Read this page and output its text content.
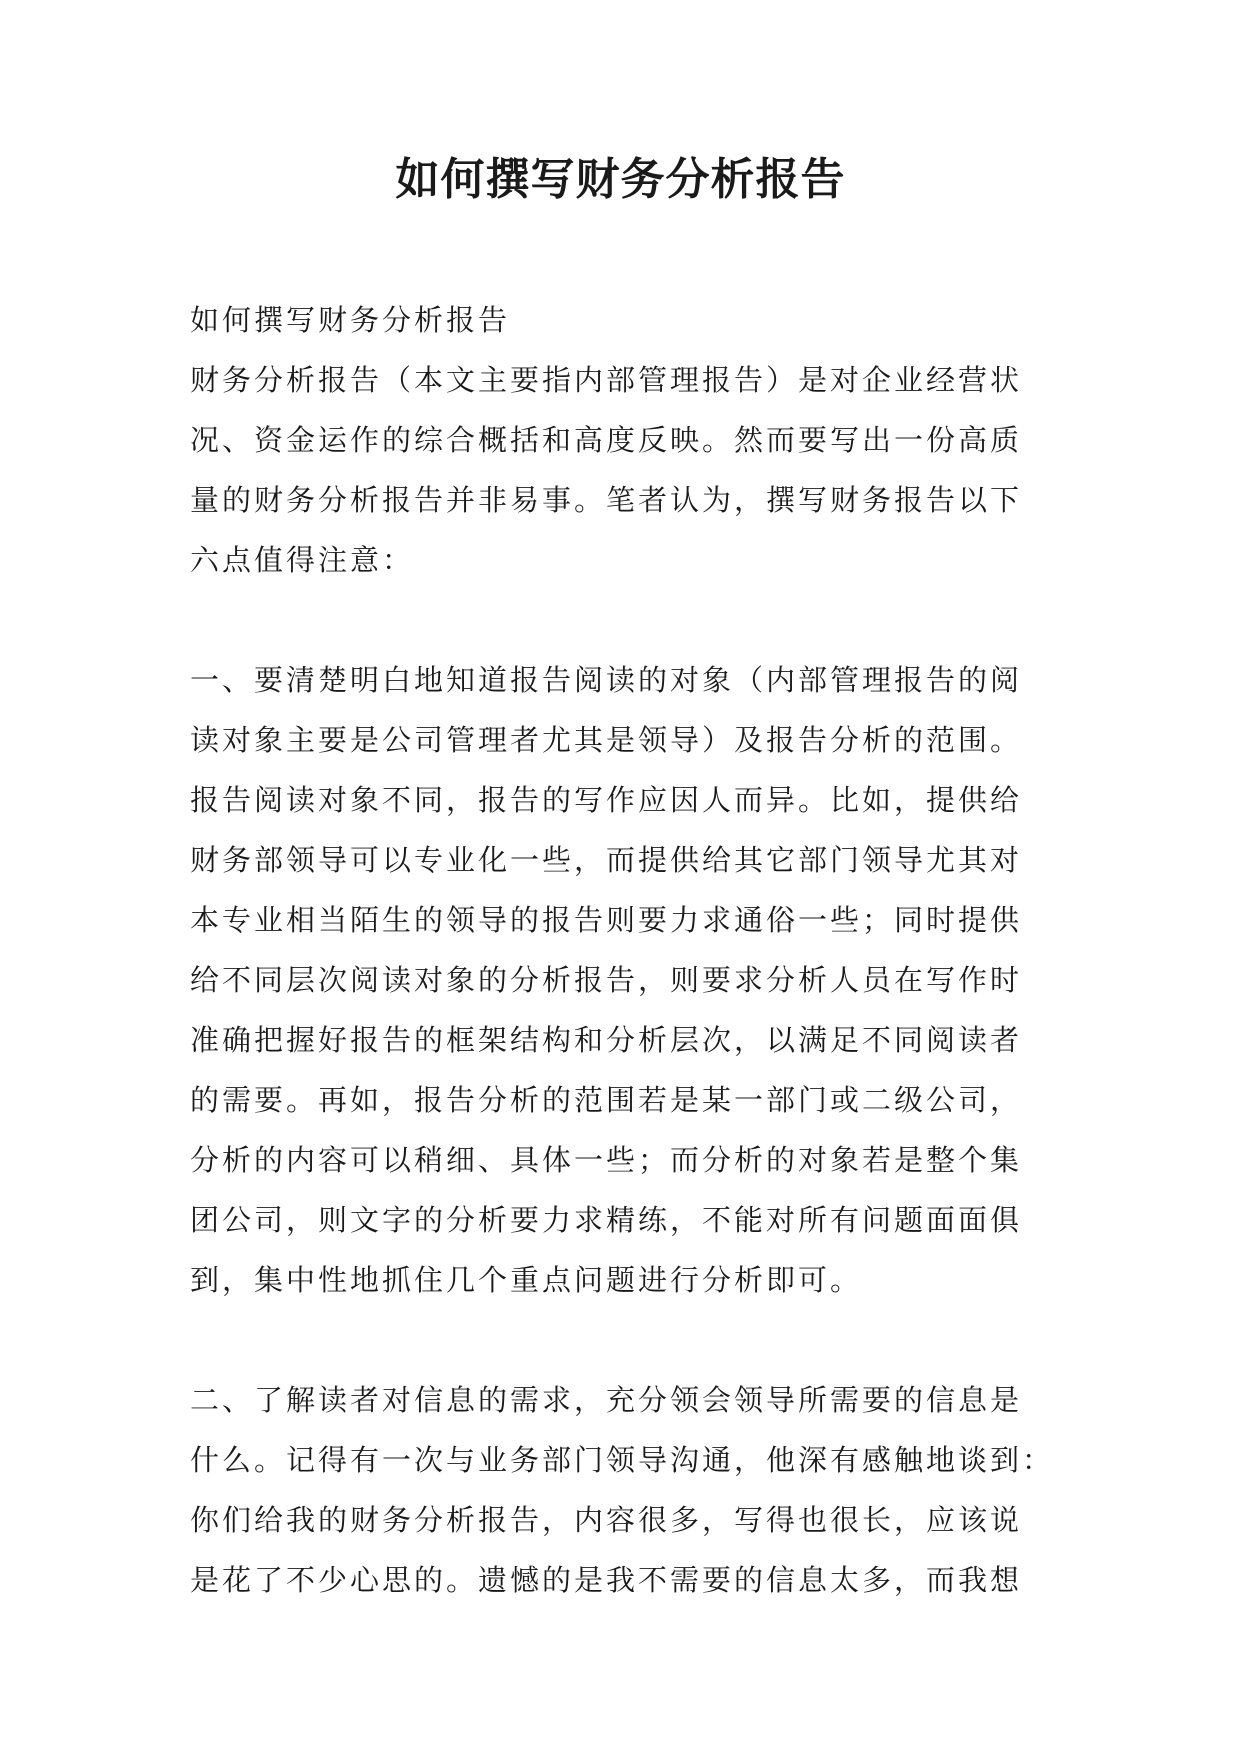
如何撰写财务分析报告
如何撰写财务分析报告
财务分析报告（本文主要指内部管理报告）是对企业经营状
况、资金运作的综合概括和高度反映。然而要写出一份高质
量的财务分析报告并非易事。笔者认为，撰写财务报告以下
六点值得注意：
一、要清楚明白地知道报告阅读的对象（内部管理报告的阅
读对象主要是公司管理者尤其是领导）及报告分析的范围。
报告阅读对象不同，报告的写作应因人而异。比如，提供给
财务部领导可以专业化一些，而提供给其它部门领导尤其对
本专业相当陌生的领导的报告则要力求通俗一些；同时提供
给不同层次阅读对象的分析报告，则要求分析人员在写作时
准确把握好报告的框架结构和分析层次，以满足不同阅读者
的需要。再如，报告分析的范围若是某一部门或二级公司，
分析的内容可以稍细、具体一些；而分析的对象若是整个集
团公司，则文字的分析要力求精练，不能对所有问题面面俱
到，集中性地抓住几个重点问题进行分析即可。
二、了解读者对信息的需求，充分领会领导所需要的信息是
什么。记得有一次与业务部门领导沟通，他深有感触地谈到：
你们给我的财务分析报告，内容很多，写得也很长，应该说
是花了不少心思的。遗憾的是我不需要的信息太多，而我想
